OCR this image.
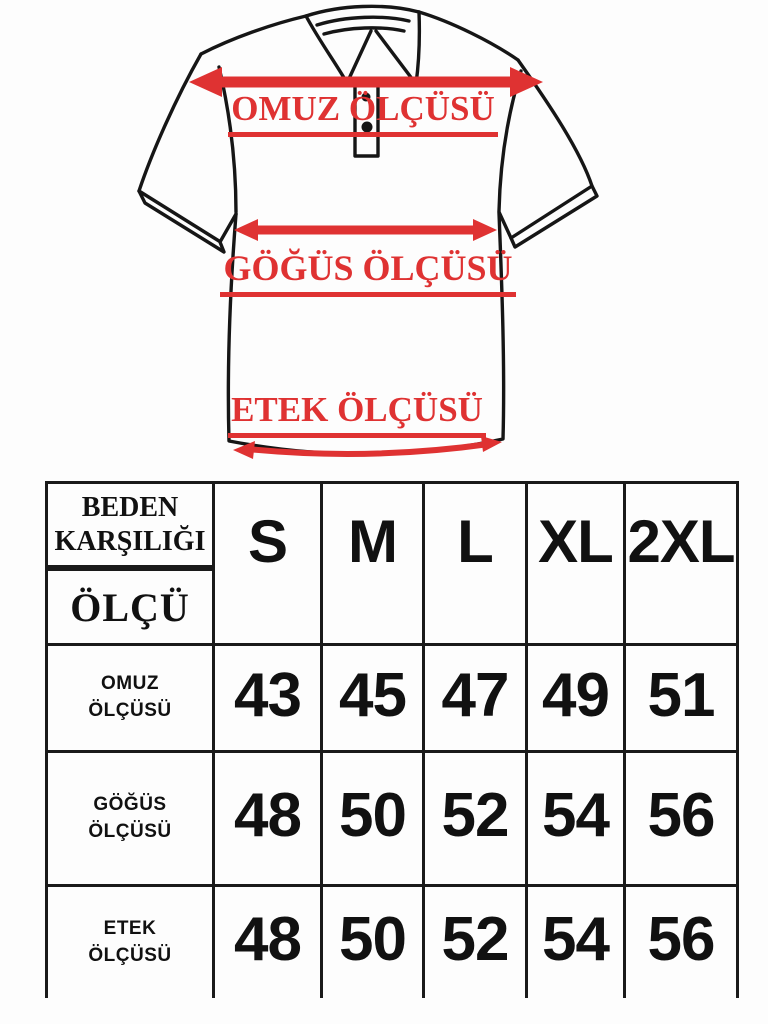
OMUZ ÖLÇÜSÜ
GÖĞÜS ÖLÇÜSÜ
ETEK ÖLÇÜSÜ
BEDEN
KARŞILIĞI
ÖLÇÜ
S	M	L XL 2XL
OMUZ
ÖLÇÜSÜ	43 45 47 49 51
GÖĞÜS
ÖLÇÜSÜ	48 50 52 54 56
ETEK
ÖLÇÜSÜ	48 50 52 54 56
